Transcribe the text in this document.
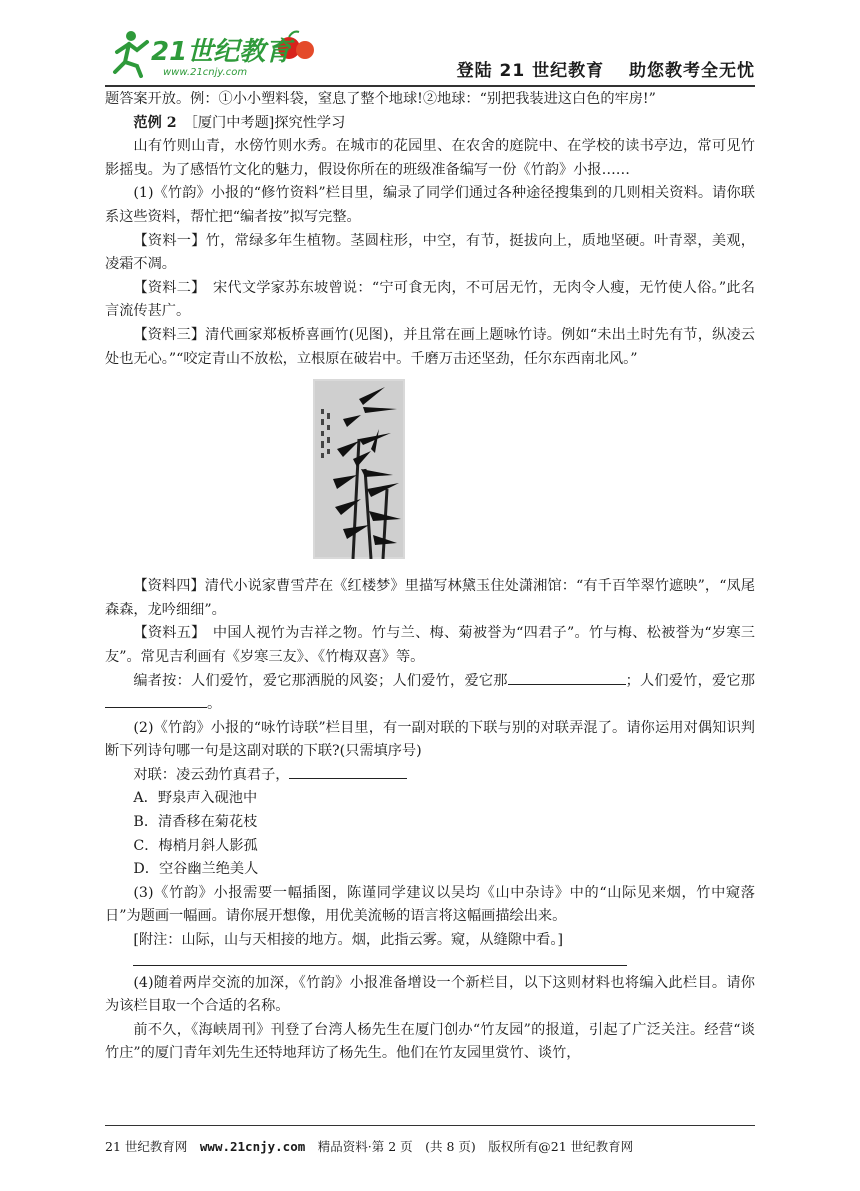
21世纪教育
www.21cnjy.com	登陆 21 世纪教育　 助您教考全无忧

题答案开放。例：①小小塑料袋，窒息了整个地球!②地球：“别把我装进这白色的牢房!”

范例 2　 ［厦门中考题]探究性学习

山有竹则山青，水傍竹则水秀。在城市的花园里、在农舍的庭院中、在学校的读书亭边，常可见竹影摇曳。为了感悟竹文化的魅力，假设你所在的班级准备编写一份《竹韵》小报……

(1)《竹韵》小报的“修竹资料”栏目里，编录了同学们通过各种途径搜集到的几则相关资料。请你联系这些资料，帮忙把“编者按”拟写完整。

【资料一】竹，常绿多年生植物。茎圆柱形，中空，有节，挺拔向上，质地坚硬。叶青翠，美观，凌霜不凋。

【资料二】　宋代文学家苏东坡曾说：“宁可食无肉，不可居无竹，无肉令人瘦，无竹使人俗。”此名言流传甚广。

【资料三】清代画家郑板桥喜画竹(见图)，并且常在画上题咏竹诗。例如“未出土时先有节，纵凌云处也无心。”“咬定青山不放松，立根原在破岩中。千磨万击还坚劲，任尔东西南北风。”

【资料四】清代小说家曹雪芹在《红楼梦》里描写林黛玉住处潇湘馆：“有千百竿翠竹遮映”，“凤尾森森，龙吟细细”。

【资料五】　中国人视竹为吉祥之物。竹与兰、梅、菊被誉为“四君子”。竹与梅、松被誉为“岁寒三友”。常见吉利画有《岁寒三友》、《竹梅双喜》等。

编者按：人们爱竹，爱它那洒脱的风姿；人们爱竹，爱它那	；人们爱竹，爱它那。

(2)《竹韵》小报的“咏竹诗联”栏目里，有一副对联的下联与别的对联弄混了。请你运用对偶知识判断下列诗句哪一句是这副对联的下联?(只需填序号)

对联：凌云劲竹真君子，

A．野泉声入砚池中

B．清香移在菊花枝

C．梅梢月斜人影孤

D．空谷幽兰绝美人

(3)《竹韵》小报需要一幅插图，陈谨同学建议以吴均《山中杂诗》中的“山际见来烟，竹中窥落日”为题画一幅画。请你展开想像，用优美流畅的语言将这幅画描绘出来。

[附注：山际，山与天相接的地方。烟，此指云雾。窥，从缝隙中看。]

(4)随着两岸交流的加深，《竹韵》小报准备增设一个新栏目，以下这则材料也将编入此栏目。请你为该栏目取一个合适的名称。

前不久，《海峡周刊》刊登了台湾人杨先生在厦门创办“竹友园”的报道，引起了广泛关注。经营“谈竹庄”的厦门青年刘先生还特地拜访了杨先生。他们在竹友园里赏竹、谈竹，

21 世纪教育网　www.21cnjy.com　精品资料·第 2 页　(共 8 页)　版权所有@21 世纪教育网
